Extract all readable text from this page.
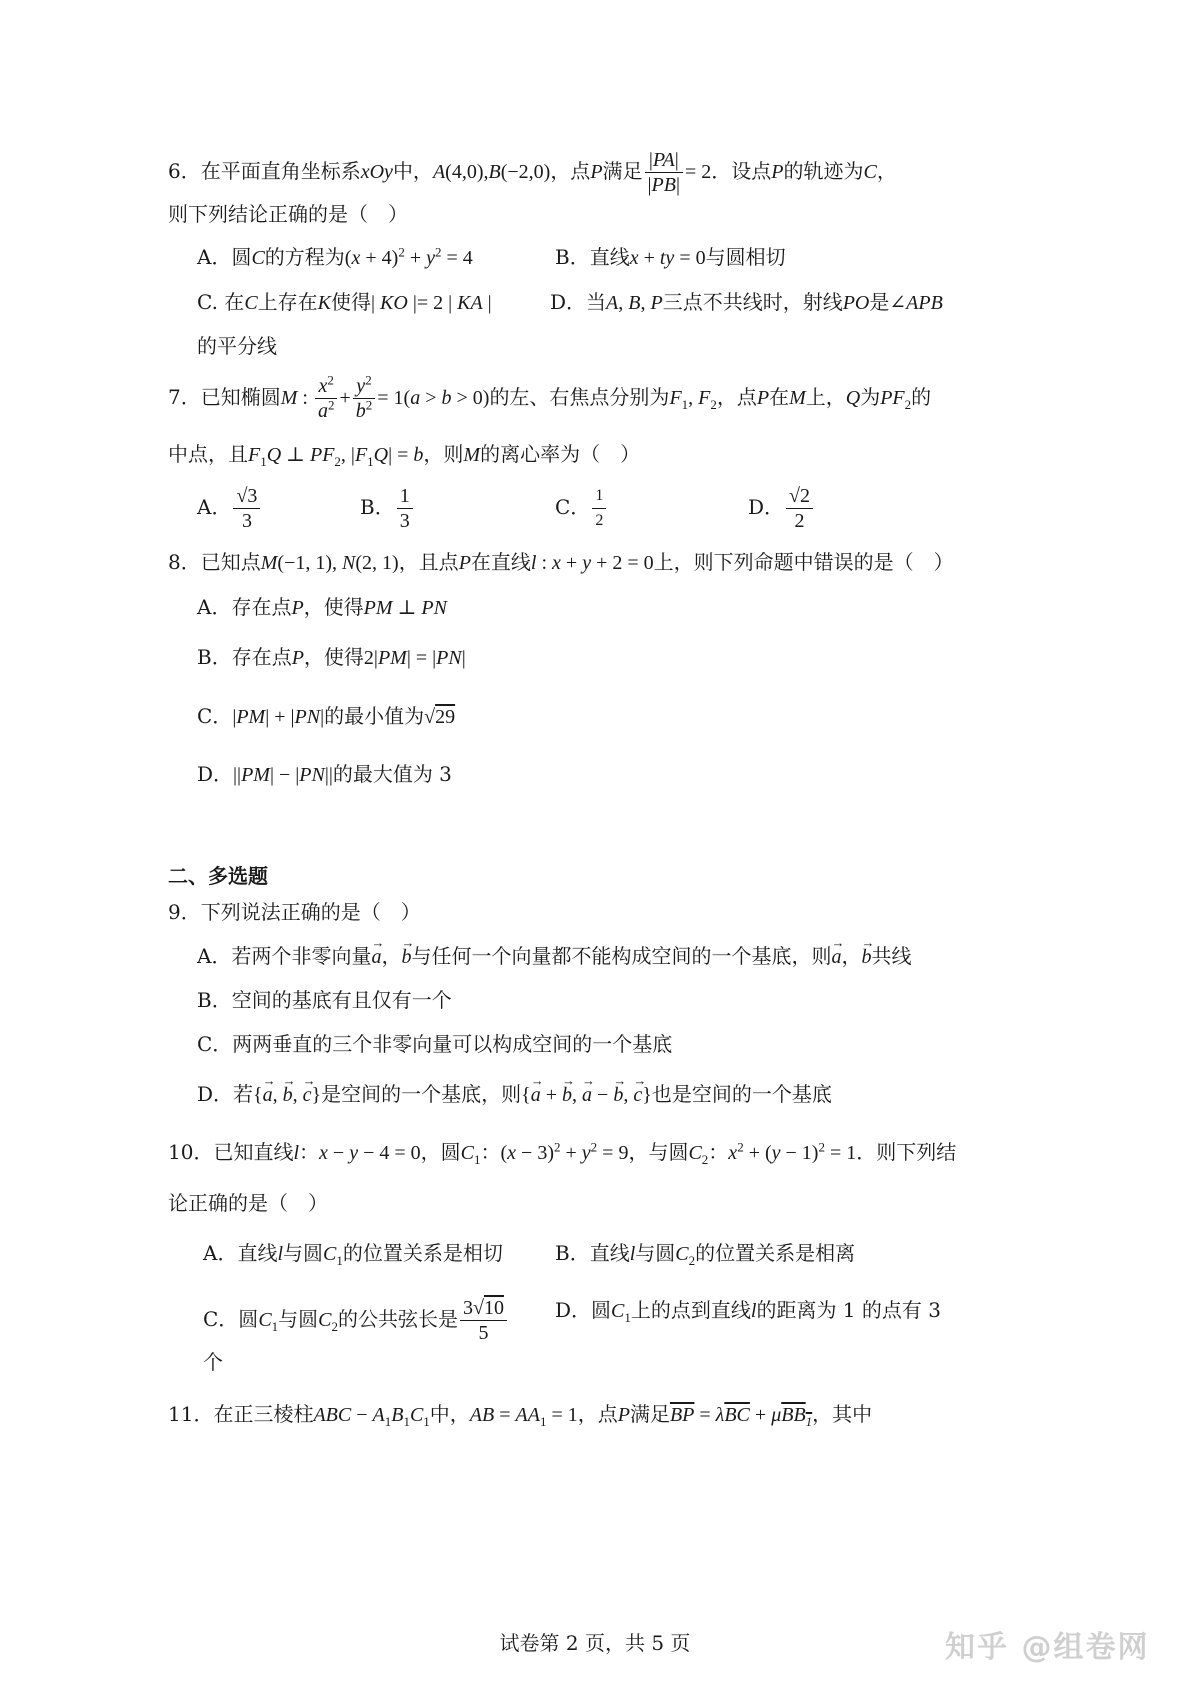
6．在平面直角坐标系xOy中，A(4,0),B(−2,0)，点P满足 $\frac{|PA|}{|PB|} = 2$．设点P的轨迹为C，
则下列结论正确的是（　）
A．圆C的方程为$(x + 4)^2 + y^2 = 4$	B．直线x + ty = 0与圆相切
C. 在C上存在K使得| KO |= 2 | KA |	D．当A, B, P三点不共线时，射线PO是∠APB
的平分线
7．已知椭圆M : $\frac{x^2}{a^2} + \frac{y^2}{b^2} = 1(a > b > 0)$的左、右焦点分别为$F_1$, $F_2$，点P在M上，Q为$PF_2$的
中点，且$F_1Q$ ⊥ $PF_2$, $|F_1Q| = b$，则M的离心率为（　）
A． $\frac{√3}{3}$	B． $\frac{1}{3}$	C． $\frac{1}{2}$	D． $\frac{√2}{2}$
8．已知点M(−1, 1), N(2, 1)，且点P在直线l : x + y + 2 = 0上，则下列命题中错误的是（　）
A．存在点P，使得PM ⊥ PN
B．存在点P，使得2|PM| = |PN|
C．|PM| + |PN|的最小值为√29
D．||PM| − |PN||的最大值为 3
二、多选题
9．下列说法正确的是（　）
A．若两个非零向量→ a，→ b与任何一个向量都不能构成空间的一个基底，则→ a，→ b共线
B．空间的基底有且仅有一个
C．两两垂直的三个非零向量可以构成空间的一个基底
D．若{→ a, → b, → c}是空间的一个基底，则{→ a + → b, → a − → b, → c}也是空间的一个基底
10．已知直线l：x − y − 4 = 0，圆$C_1$：$(x - 3)^2 + y^2 = 9$，与圆$C_2$：$x^2 + (y - 1)^2 = 1$．则下列结
论正确的是（　）
A．直线l与圆$C_1$的位置关系是相切	B．直线l与圆$C_2$的位置关系是相离
C．圆$C_1$与圆$C_2$的公共弦长是 $\frac{3√10}{5}$ D．圆$C_1$上的点到直线l的距离为 1 的点有 3
个
11．在正三棱柱ABC − $A_1B_1C_1$中，AB = $AA_1 = 1$，点P满足$\overline{BP} = \lambda\overline{BC} + \mu BB_1$，其中
试卷第 2 页，共 5 页	知乎 @组卷网
